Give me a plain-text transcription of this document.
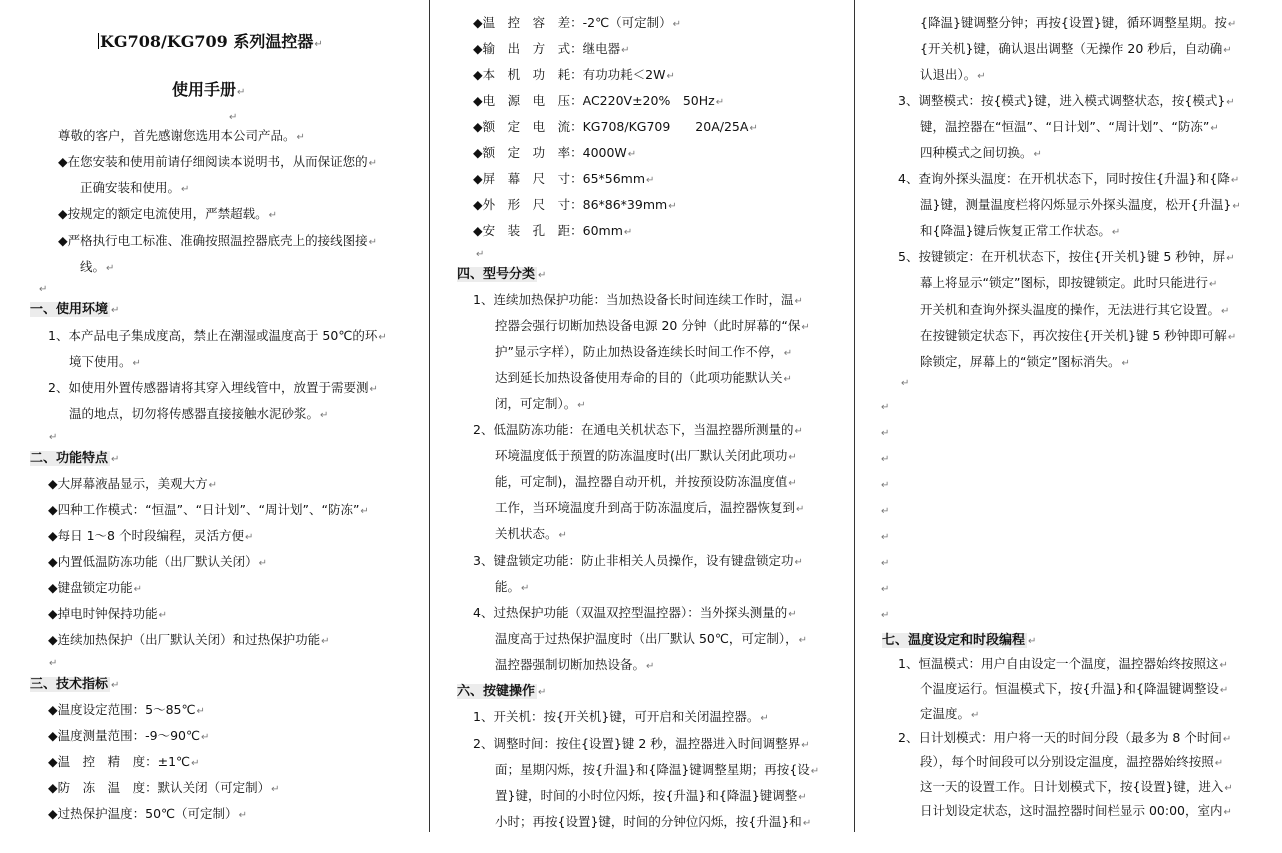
KG708/KG709 系列温控器↵
使用手册↵
↵
尊敬的客户，首先感谢您选用本公司产品。↵
◆在您安装和使用前请仔细阅读本说明书，从而保证您的↵
正确安装和使用。↵
◆按规定的额定电流使用，严禁超载。↵
◆严格执行电工标准、准确按照温控器底壳上的接线图接↵
线。↵
↵
一、使用环境 ↵
1、本产品电子集成度高，禁止在潮湿或温度高于 50℃的环↵
境下使用。↵
2、如使用外置传感器请将其穿入埋线管中，放置于需要测↵
温的地点，切勿将传感器直接接触水泥砂浆。↵
↵
二、功能特点 ↵
◆大屏幕液晶显示，美观大方↵
◆四种工作模式：“恒温”、“日计划”、“周计划”、“防冻”↵
◆每日 1～8 个时段编程，灵活方便↵
◆内置低温防冻功能（出厂默认关闭）↵
◆键盘锁定功能↵
◆掉电时钟保持功能↵
◆连续加热保护（出厂默认关闭）和过热保护功能↵
↵
三、技术指标 ↵
◆温度设定范围：5～85℃↵
◆温度测量范围：-9～90℃↵
◆温　控　精　度：±1℃↵
◆防　冻　温　度：默认关闭（可定制）↵
◆过热保护温度：50℃（可定制）↵
◆温　控　容　差：-2℃（可定制）↵
◆输　出　方　式：继电器↵
◆本　机　功　耗：有功功耗＜2W↵
◆电　源　电　压：AC220V±20%　50Hz↵
◆额　定　电　流：KG708/KG709　　20A/25A↵
◆额　定　功　率：4000W↵
◆屏　幕　尺　寸：65*56mm↵
◆外　形　尺　寸：86*86*39mm↵
◆安　装　孔　距：60mm↵
↵
四、型号分类 ↵
1、连续加热保护功能：当加热设备长时间连续工作时，温↵
控器会强行切断加热设备电源 20 分钟（此时屏幕的“保↵
护”显示字样），防止加热设备连续长时间工作不停，↵
达到延长加热设备使用寿命的目的（此项功能默认关↵
闭，可定制）。↵
2、低温防冻功能：在通电关机状态下，当温控器所测量的↵
环境温度低于预置的防冻温度时(出厂默认关闭此项功↵
能，可定制)，温控器自动开机，并按预设防冻温度值↵
工作，当环境温度升到高于防冻温度后，温控器恢复到↵
关机状态。↵
3、键盘锁定功能：防止非相关人员操作，设有键盘锁定功↵
能。↵
4、过热保护功能（双温双控型温控器）：当外探头测量的↵
温度高于过热保护温度时（出厂默认 50℃，可定制），↵
温控器强制切断加热设备。↵
六、按键操作 ↵
1、开关机：按{开关机}键，可开启和关闭温控器。↵
2、调整时间：按住{设置}键 2 秒，温控器进入时间调整界↵
面；星期闪烁，按{升温}和{降温}键调整星期；再按{设↵
置}键，时间的小时位闪烁，按{升温}和{降温}键调整↵
小时；再按{设置}键，时间的分钟位闪烁，按{升温}和↵
{降温}键调整分钟；再按{设置}键，循环调整星期。按↵
{开关机}键，确认退出调整（无操作 20 秒后，自动确↵
认退出）。↵
3、调整模式：按{模式}键，进入模式调整状态，按{模式}↵
键，温控器在“恒温”、“日计划”、“周计划”、“防冻”↵
四种模式之间切换。↵
4、查询外探头温度：在开机状态下，同时按住{升温}和{降↵
温}键，测量温度栏将闪烁显示外探头温度，松开{升温}↵
和{降温}键后恢复正常工作状态。↵
5、按键锁定：在开机状态下，按住{开关机}键 5 秒钟，屏↵
幕上将显示“锁定”图标，即按键锁定。此时只能进行↵
开关机和查询外探头温度的操作，无法进行其它设置。↵
在按键锁定状态下，再次按住{开关机}键 5 秒钟即可解↵
除锁定，屏幕上的“锁定”图标消失。↵
↵
↵
↵
↵
↵
↵
↵
↵
↵
↵
七、温度设定和时段编程 ↵
1、恒温模式：用户自由设定一个温度，温控器始终按照这↵
个温度运行。恒温模式下，按{升温}和{降温键调整设↵
定温度。↵
2、日计划模式：用户将一天的时间分段（最多为 8 个时间↵
段），每个时间段可以分别设定温度，温控器始终按照↵
这一天的设置工作。日计划模式下，按{设置}键，进入↵
日计划设定状态，这时温控器时间栏显示 00:00，室内↵
